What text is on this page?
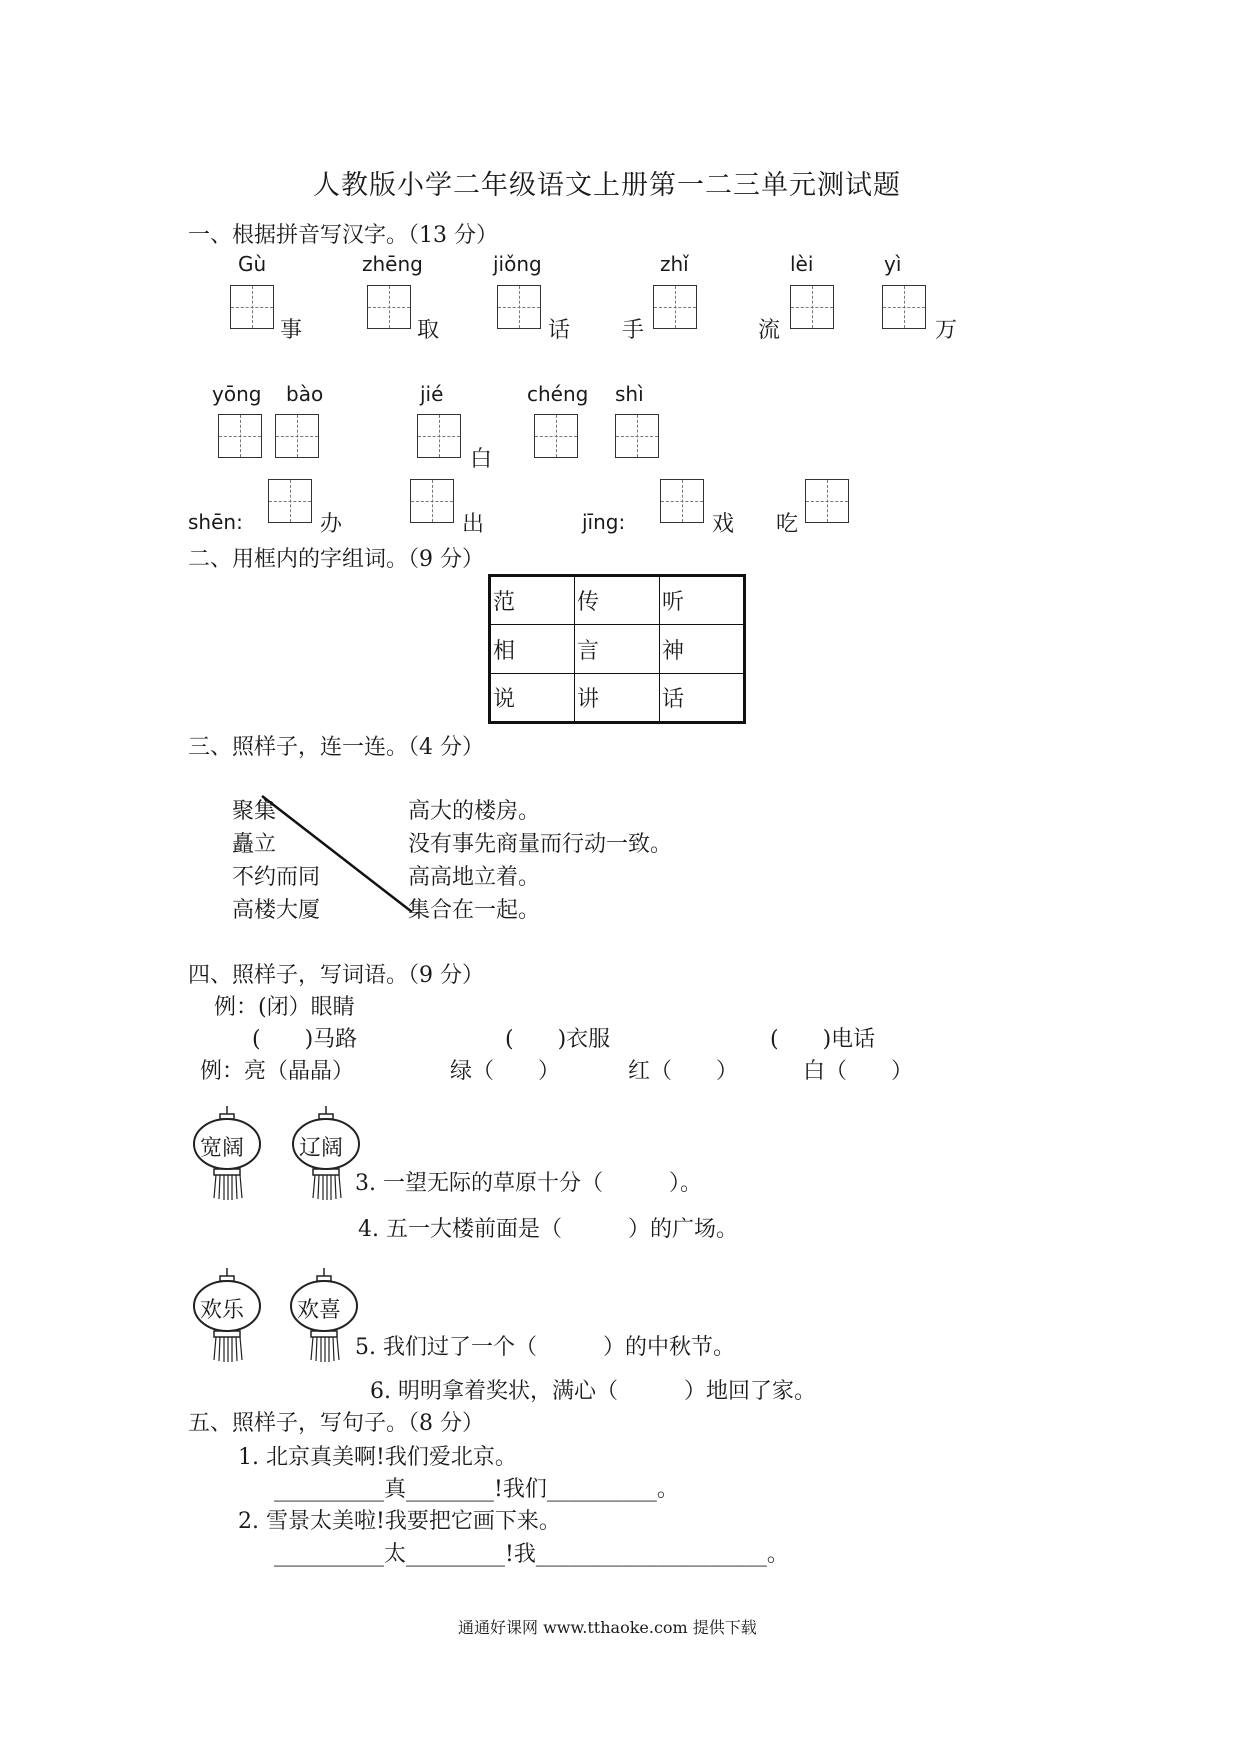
人教版小学二年级语文上册第一二三单元测试题
一、根据拼音写汉字。（13 分）
Gù	zhēng	jiǒng	zhǐ	lèi	yì
事	取	话 手	流	万
yōng bào	jié	chéng shì
白
shēn:	办	出	jīng:	戏 吃
二、用框内的字组词。（9 分）
范	传	听
相	言	神
说	讲	话
三、照样子，连一连。（4 分）
聚集
矗立
不约而同
高楼大厦
高大的楼房。
没有事先商量而行动一致。
高高地立着。
集合在一起。
四、照样子，写词语。（9 分）
例：(闭）眼睛
(　　)马路	(　　)衣服	(　　)电话
例：亮（晶晶）	绿（　　）	红（　　）	白（　　）
宽阔 辽阔
3. 一望无际的草原十分（　　　）。
4. 五一大楼前面是（　　　）的广场。
欢乐 欢喜
5. 我们过了一个（　　　）的中秋节。
6. 明明拿着奖状，满心（　　　）地回了家。
五、照样子，写句子。（8 分）
1. 北京真美啊!我们爱北京。
__________真________!我们__________。
2. 雪景太美啦!我要把它画下来。
__________太_________!我_____________________。
通通好课网 www.tthaoke.com 提供下载
